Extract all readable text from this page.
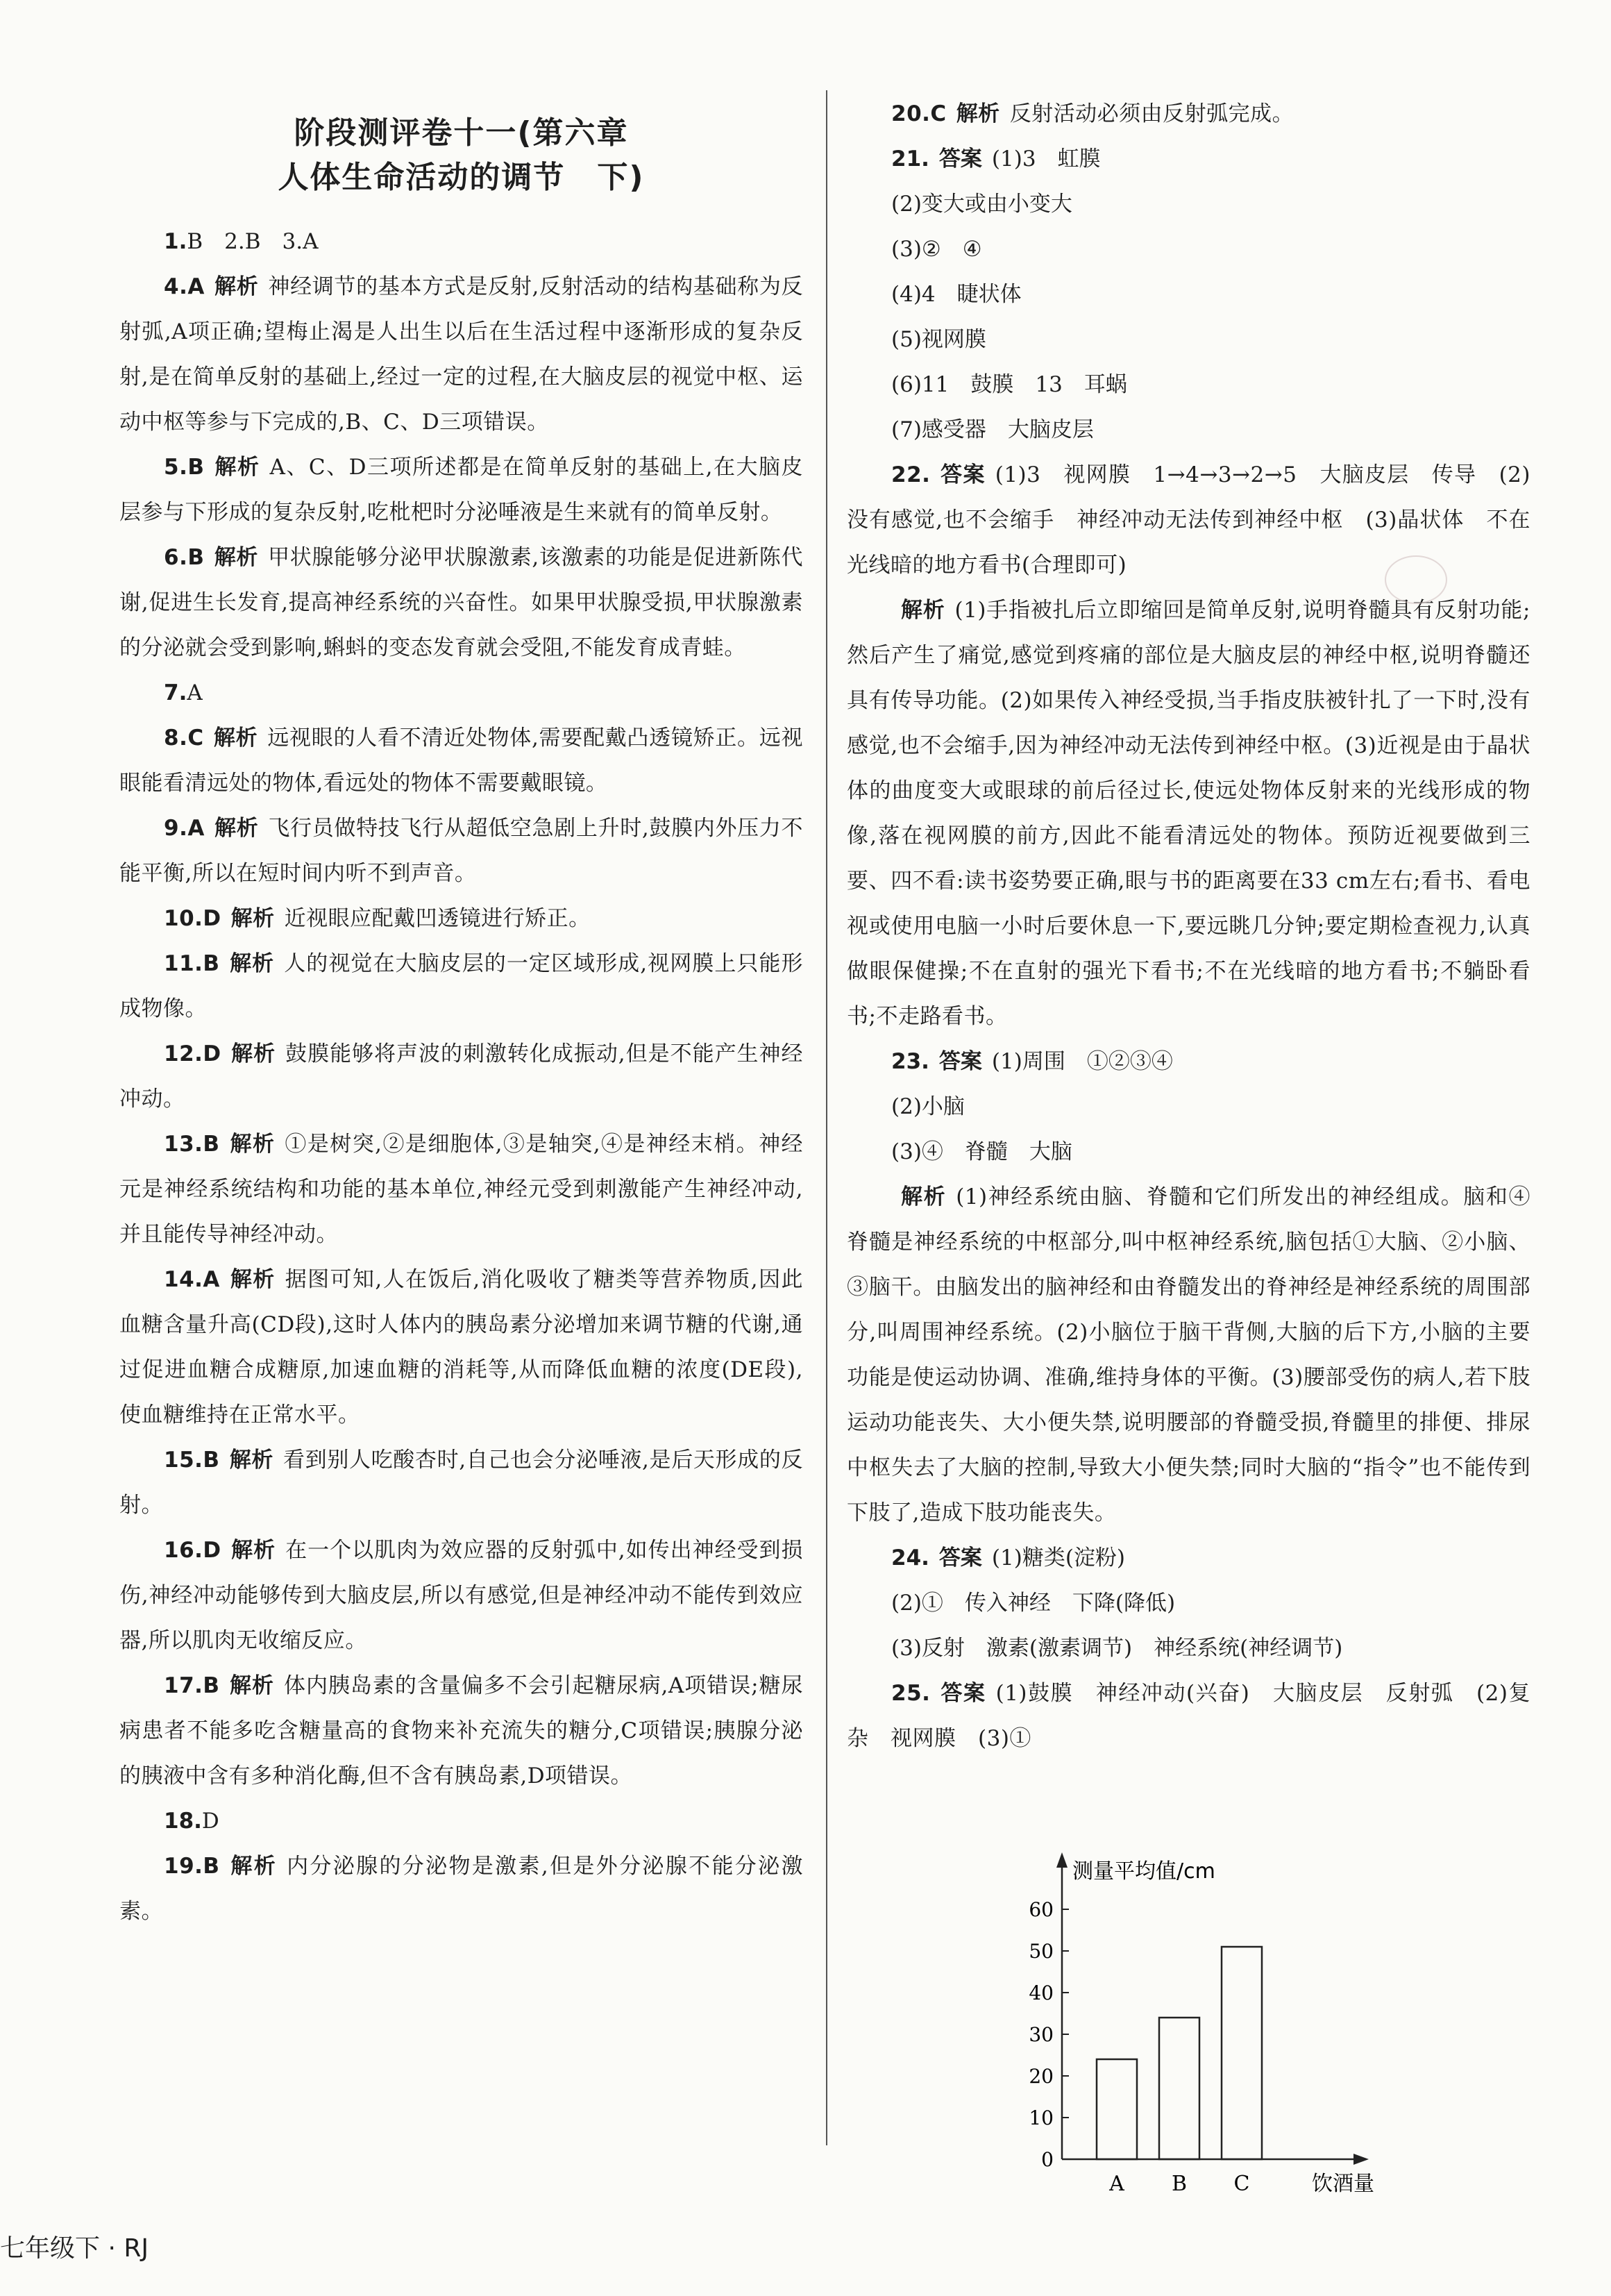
阶段测评卷十一(第六章
人体生命活动的调节　下)

1.B　2.B　3.A

4.A 解析 神经调节的基本方式是反射,反射活动的结构基础称为反射弧,A项正确;望梅止渴是人出生以后在生活过程中逐渐形成的复杂反射,是在简单反射的基础上,经过一定的过程,在大脑皮层的视觉中枢、运动中枢等参与下完成的,B、C、D三项错误。

5.B 解析 A、C、D三项所述都是在简单反射的基础上,在大脑皮层参与下形成的复杂反射,吃枇杷时分泌唾液是生来就有的简单反射。

6.B 解析 甲状腺能够分泌甲状腺激素,该激素的功能是促进新陈代谢,促进生长发育,提高神经系统的兴奋性。如果甲状腺受损,甲状腺激素的分泌就会受到影响,蝌蚪的变态发育就会受阻,不能发育成青蛙。

7.A

8.C 解析 远视眼的人看不清近处物体,需要配戴凸透镜矫正。远视眼能看清远处的物体,看远处的物体不需要戴眼镜。

9.A 解析 飞行员做特技飞行从超低空急剧上升时,鼓膜内外压力不能平衡,所以在短时间内听不到声音。

10.D 解析 近视眼应配戴凹透镜进行矫正。

11.B 解析 人的视觉在大脑皮层的一定区域形成,视网膜上只能形成物像。

12.D 解析 鼓膜能够将声波的刺激转化成振动,但是不能产生神经冲动。

13.B 解析 ①是树突,②是细胞体,③是轴突,④是神经末梢。神经元是神经系统结构和功能的基本单位,神经元受到刺激能产生神经冲动,并且能传导神经冲动。

14.A 解析 据图可知,人在饭后,消化吸收了糖类等营养物质,因此血糖含量升高(CD段),这时人体内的胰岛素分泌增加来调节糖的代谢,通过促进血糖合成糖原,加速血糖的消耗等,从而降低血糖的浓度(DE段),使血糖维持在正常水平。

15.B 解析 看到别人吃酸杏时,自己也会分泌唾液,是后天形成的反射。

16.D 解析 在一个以肌肉为效应器的反射弧中,如传出神经受到损伤,神经冲动能够传到大脑皮层,所以有感觉,但是神经冲动不能传到效应器,所以肌肉无收缩反应。

17.B 解析 体内胰岛素的含量偏多不会引起糖尿病,A项错误;糖尿病患者不能多吃含糖量高的食物来补充流失的糖分,C项错误;胰腺分泌的胰液中含有多种消化酶,但不含有胰岛素,D项错误。

18.D

19.B 解析 内分泌腺的分泌物是激素,但是外分泌腺不能分泌激素。

20.C 解析 反射活动必须由反射弧完成。

21. 答案 (1)3　虹膜

(2)变大或由小变大

(3)②　④

(4)4　睫状体

(5)视网膜

(6)11　鼓膜　13　耳蜗

(7)感受器　大脑皮层

22. 答案 (1)3　视网膜　1→4→3→2→5　大脑皮层　传导　(2)没有感觉,也不会缩手　神经冲动无法传到神经中枢　(3)晶状体　不在光线暗的地方看书(合理即可)

解析 (1)手指被扎后立即缩回是简单反射,说明脊髓具有反射功能;然后产生了痛觉,感觉到疼痛的部位是大脑皮层的神经中枢,说明脊髓还具有传导功能。(2)如果传入神经受损,当手指皮肤被针扎了一下时,没有感觉,也不会缩手,因为神经冲动无法传到神经中枢。(3)近视是由于晶状体的曲度变大或眼球的前后径过长,使远处物体反射来的光线形成的物像,落在视网膜的前方,因此不能看清远处的物体。预防近视要做到三要、四不看:读书姿势要正确,眼与书的距离要在33 cm左右;看书、看电视或使用电脑一小时后要休息一下,要远眺几分钟;要定期检查视力,认真做眼保健操;不在直射的强光下看书;不在光线暗的地方看书;不躺卧看书;不走路看书。

23. 答案 (1)周围　①②③④

(2)小脑

(3)④　脊髓　大脑

解析 (1)神经系统由脑、脊髓和它们所发出的神经组成。脑和④脊髓是神经系统的中枢部分,叫中枢神经系统,脑包括①大脑、②小脑、③脑干。由脑发出的脑神经和由脊髓发出的脊神经是神经系统的周围部分,叫周围神经系统。(2)小脑位于脑干背侧,大脑的后下方,小脑的主要功能是使运动协调、准确,维持身体的平衡。(3)腰部受伤的病人,若下肢运动功能丧失、大小便失禁,说明腰部的脊髓受损,脊髓里的排便、排尿中枢失去了大脑的控制,导致大小便失禁;同时大脑的“指令”也不能传到下肢了,造成下肢功能丧失。

24. 答案 (1)糖类(淀粉)

(2)①　传入神经　下降(降低)

(3)反射　激素(激素调节)　神经系统(神经调节)

25. 答案 (1)鼓膜　神经冲动(兴奋)　大脑皮层　反射弧　(2)复杂　视网膜　(3)①

测量平均值/cm
饮酒量
0
10
20
30
40
50
60
A B C
七年级下 · RJ
